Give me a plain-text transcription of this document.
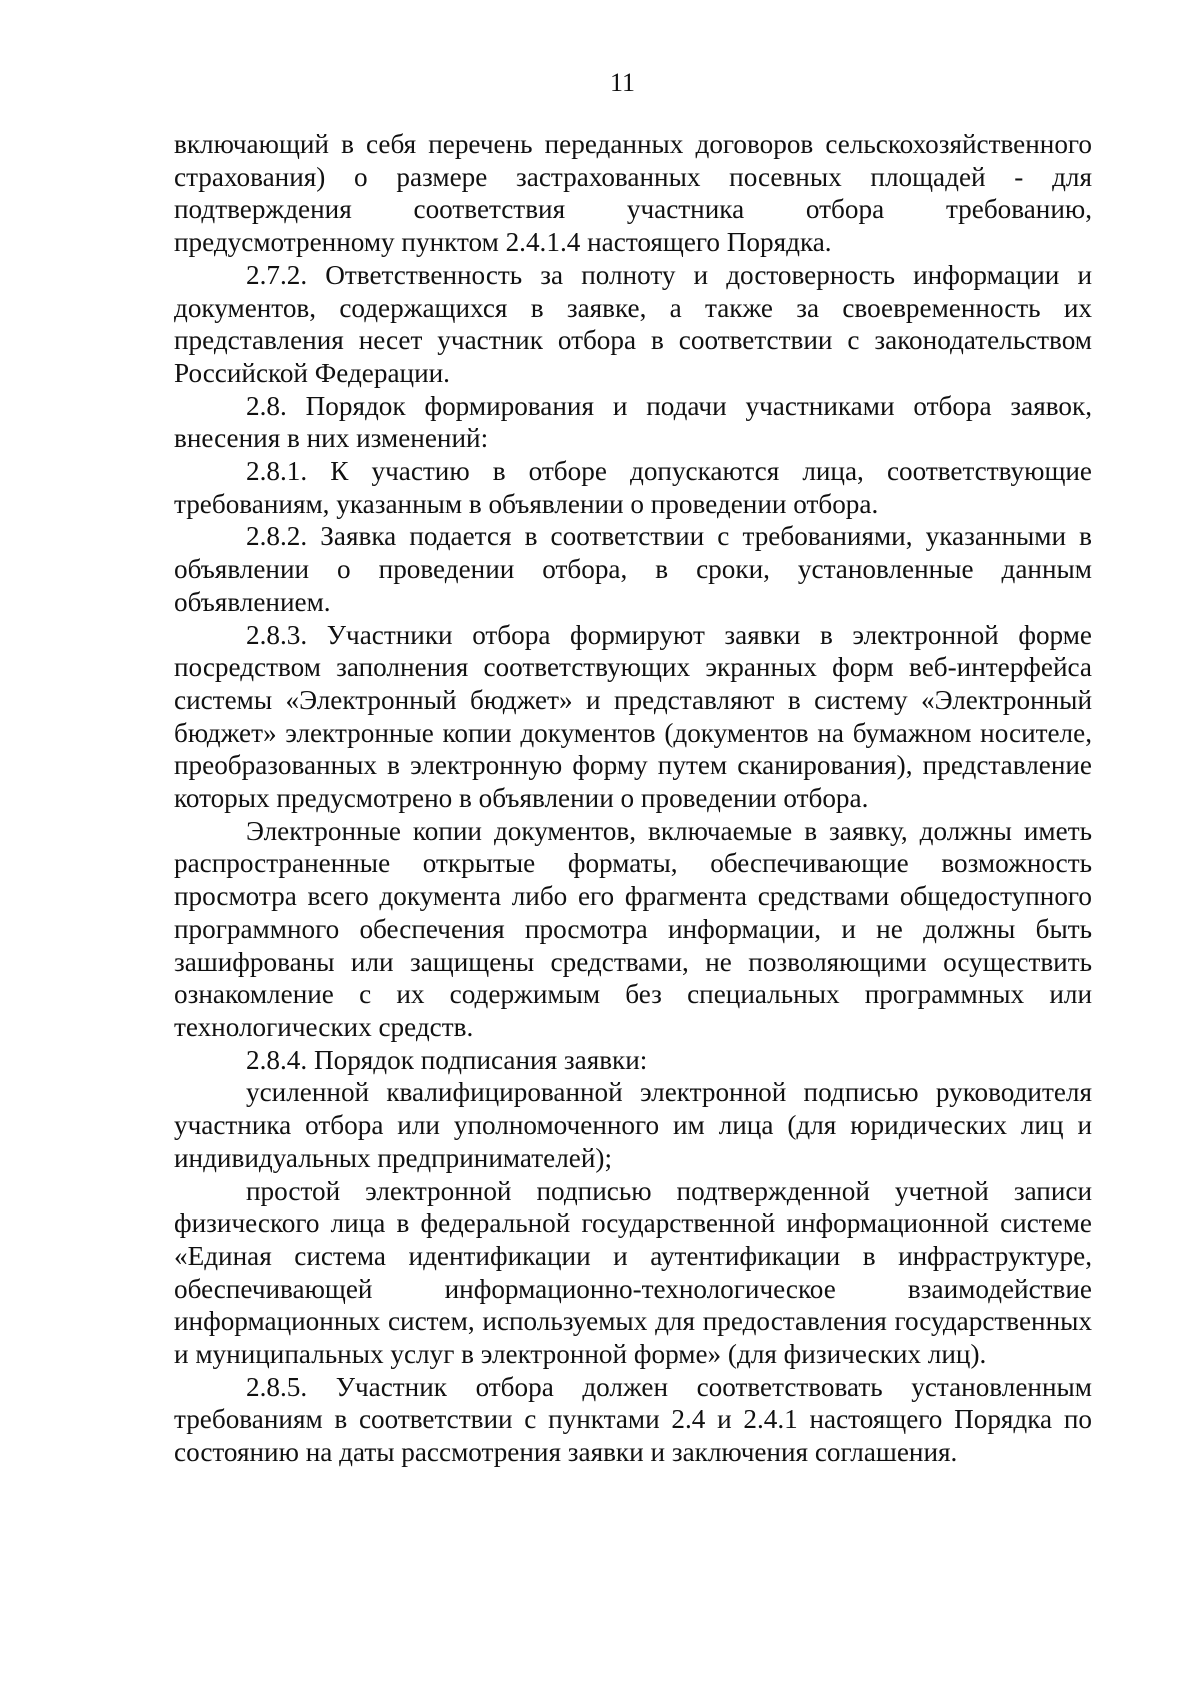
11

включающий в себя перечень переданных договоров сельскохозяйственного страхования) о размере застрахованных посевных площадей - для подтверждения соответствия участника отбора требованию, предусмотренному пунктом 2.4.1.4 настоящего Порядка.

2.7.2. Ответственность за полноту и достоверность информации и документов, содержащихся в заявке, а также за своевременность их представления несет участник отбора в соответствии с законодательством Российской Федерации.

2.8. Порядок формирования и подачи участниками отбора заявок, внесения в них изменений:

2.8.1. К участию в отборе допускаются лица, соответствующие требованиям, указанным в объявлении о проведении отбора.

2.8.2. Заявка подается в соответствии с требованиями, указанными в объявлении о проведении отбора, в сроки, установленные данным объявлением.

2.8.3. Участники отбора формируют заявки в электронной форме посредством заполнения соответствующих экранных форм веб-интерфейса системы «Электронный бюджет» и представляют в систему «Электронный бюджет» электронные копии документов (документов на бумажном носителе, преобразованных в электронную форму путем сканирования), представление которых предусмотрено в объявлении о проведении отбора.

Электронные копии документов, включаемые в заявку, должны иметь распространенные открытые форматы, обеспечивающие возможность просмотра всего документа либо его фрагмента средствами общедоступного программного обеспечения просмотра информации, и не должны быть зашифрованы или защищены средствами, не позволяющими осуществить ознакомление с их содержимым без специальных программных или технологических средств.

2.8.4. Порядок подписания заявки:

усиленной квалифицированной электронной подписью руководителя участника отбора или уполномоченного им лица (для юридических лиц и индивидуальных предпринимателей);

простой электронной подписью подтвержденной учетной записи физического лица в федеральной государственной информационной системе «Единая система идентификации и аутентификации в инфраструктуре, обеспечивающей информационно-технологическое взаимодействие информационных систем, используемых для предоставления государственных и муниципальных услуг в электронной форме» (для физических лиц).

2.8.5. Участник отбора должен соответствовать установленным требованиям в соответствии с пунктами 2.4 и 2.4.1 настоящего Порядка по состоянию на даты рассмотрения заявки и заключения соглашения.
